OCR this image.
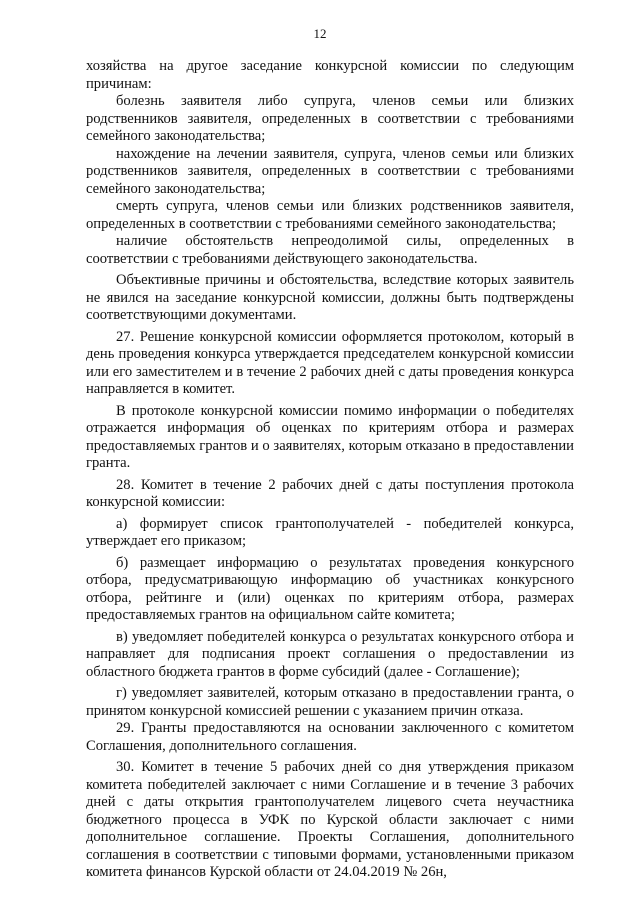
12

хозяйства на другое заседание конкурсной комиссии по следующим причинам:

болезнь заявителя либо супруга, членов семьи или близких родственников заявителя, определенных в соответствии с требованиями семейного законодательства;

нахождение на лечении заявителя, супруга, членов семьи или близких родственников заявителя, определенных в соответствии с требованиями семейного законодательства;

смерть супруга, членов семьи или близких родственников заявителя, определенных в соответствии с требованиями семейного законодательства;

наличие обстоятельств непреодолимой силы, определенных в соответствии с требованиями действующего законодательства.

Объективные причины и обстоятельства, вследствие которых заявитель не явился на заседание конкурсной комиссии, должны быть подтверждены соответствующими документами.

27. Решение конкурсной комиссии оформляется протоколом, который в день проведения конкурса утверждается председателем конкурсной комиссии или его заместителем и в течение 2 рабочих дней с даты проведения конкурса направляется в комитет.

В протоколе конкурсной комиссии помимо информации о победителях отражается информация об оценках по критериям отбора и размерах предоставляемых грантов и о заявителях, которым отказано в предоставлении гранта.

28. Комитет в течение 2 рабочих дней с даты поступления протокола конкурсной комиссии:

а) формирует список грантополучателей - победителей конкурса, утверждает его приказом;

б) размещает информацию о результатах проведения конкурсного отбора, предусматривающую информацию об участниках конкурсного отбора, рейтинге и (или) оценках по критериям отбора, размерах предоставляемых грантов на официальном сайте комитета;

в) уведомляет победителей конкурса о результатах конкурсного отбора и направляет для подписания проект соглашения о предоставлении из областного бюджета грантов в форме субсидий (далее - Соглашение);

г) уведомляет заявителей, которым отказано в предоставлении гранта, о принятом конкурсной комиссией решении с указанием причин отказа.

29. Гранты предоставляются на основании заключенного с комитетом Соглашения, дополнительного соглашения.

30. Комитет в течение 5 рабочих дней со дня утверждения приказом комитета победителей заключает с ними Соглашение и в течение 3 рабочих дней с даты открытия грантополучателем лицевого счета неучастника бюджетного процесса в УФК по Курской области заключает с ними дополнительное соглашение. Проекты Соглашения, дополнительного соглашения в соответствии с типовыми формами, установленными приказом комитета финансов Курской области от 24.04.2019 № 26н,
